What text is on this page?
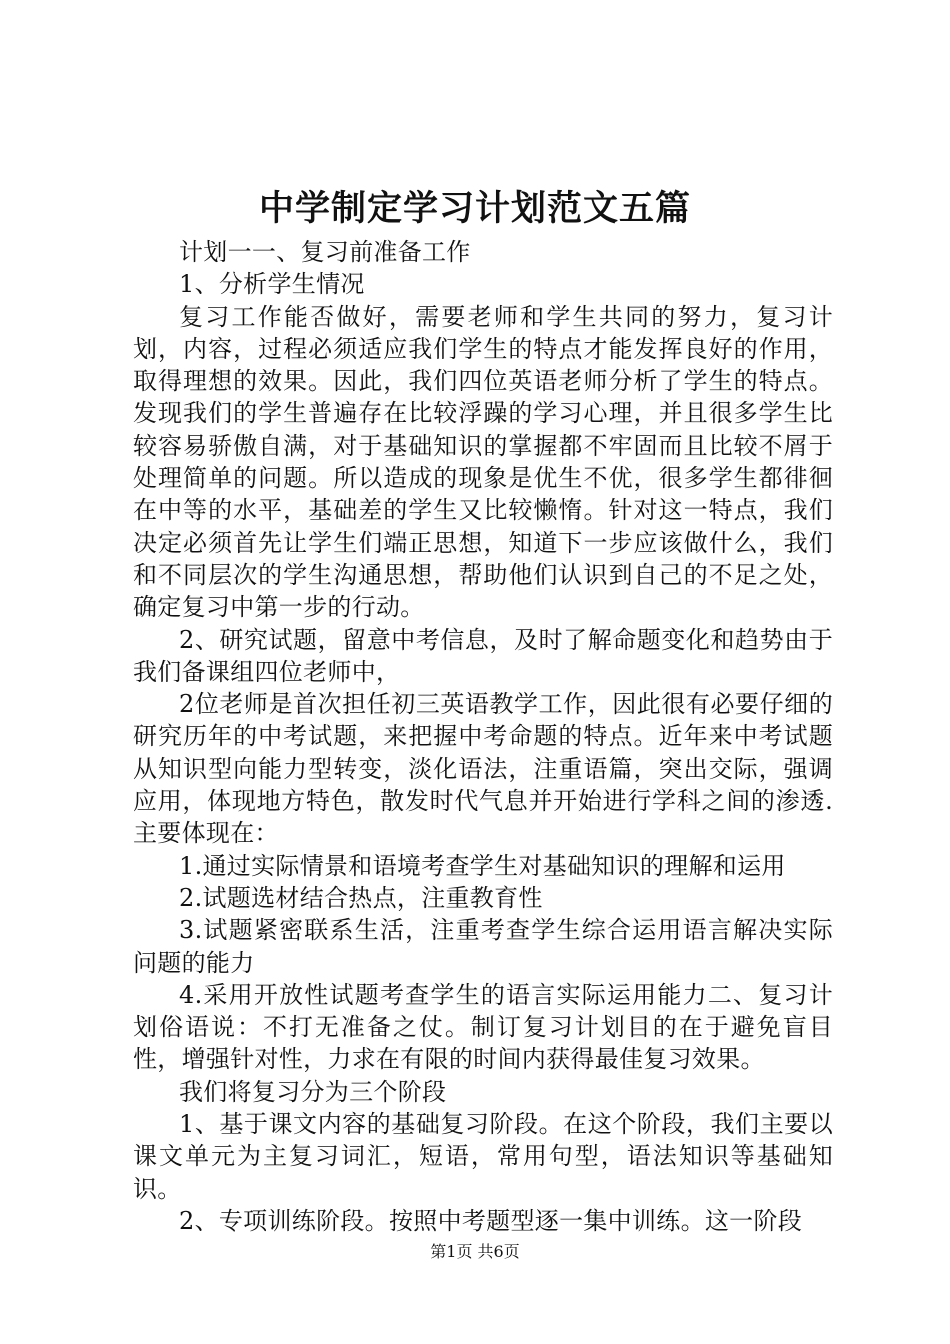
中学制定学习计划范文五篇

计划一一、复习前准备工作

1、分析学生情况

复习工作能否做好，需要老师和学生共同的努力，复习计划，内容，过程必须适应我们学生的特点才能发挥良好的作用，取得理想的效果。因此，我们四位英语老师分析了学生的特点。发现我们的学生普遍存在比较浮躁的学习心理，并且很多学生比较容易骄傲自满，对于基础知识的掌握都不牢固而且比较不屑于处理简单的问题。所以造成的现象是优生不优，很多学生都徘徊在中等的水平，基础差的学生又比较懒惰。针对这一特点，我们决定必须首先让学生们端正思想，知道下一步应该做什么，我们和不同层次的学生沟通思想，帮助他们认识到自己的不足之处，确定复习中第一步的行动。

2、研究试题，留意中考信息，及时了解命题变化和趋势由于我们备课组四位老师中，

2位老师是首次担任初三英语教学工作，因此很有必要仔细的研究历年的中考试题，来把握中考命题的特点。近年来中考试题从知识型向能力型转变，淡化语法，注重语篇，突出交际，强调应用，体现地方特色，散发时代气息并开始进行学科之间的渗透.主要体现在：

1.通过实际情景和语境考查学生对基础知识的理解和运用

2.试题选材结合热点，注重教育性

3.试题紧密联系生活，注重考查学生综合运用语言解决实际问题的能力

4.采用开放性试题考查学生的语言实际运用能力二、复习计划俗语说：不打无准备之仗。制订复习计划目的在于避免盲目性，增强针对性，力求在有限的时间内获得最佳复习效果。

我们将复习分为三个阶段

1、基于课文内容的基础复习阶段。在这个阶段，我们主要以课文单元为主复习词汇，短语，常用句型，语法知识等基础知识。

2、专项训练阶段。按照中考题型逐一集中训练。这一阶段

第1页 共6页
